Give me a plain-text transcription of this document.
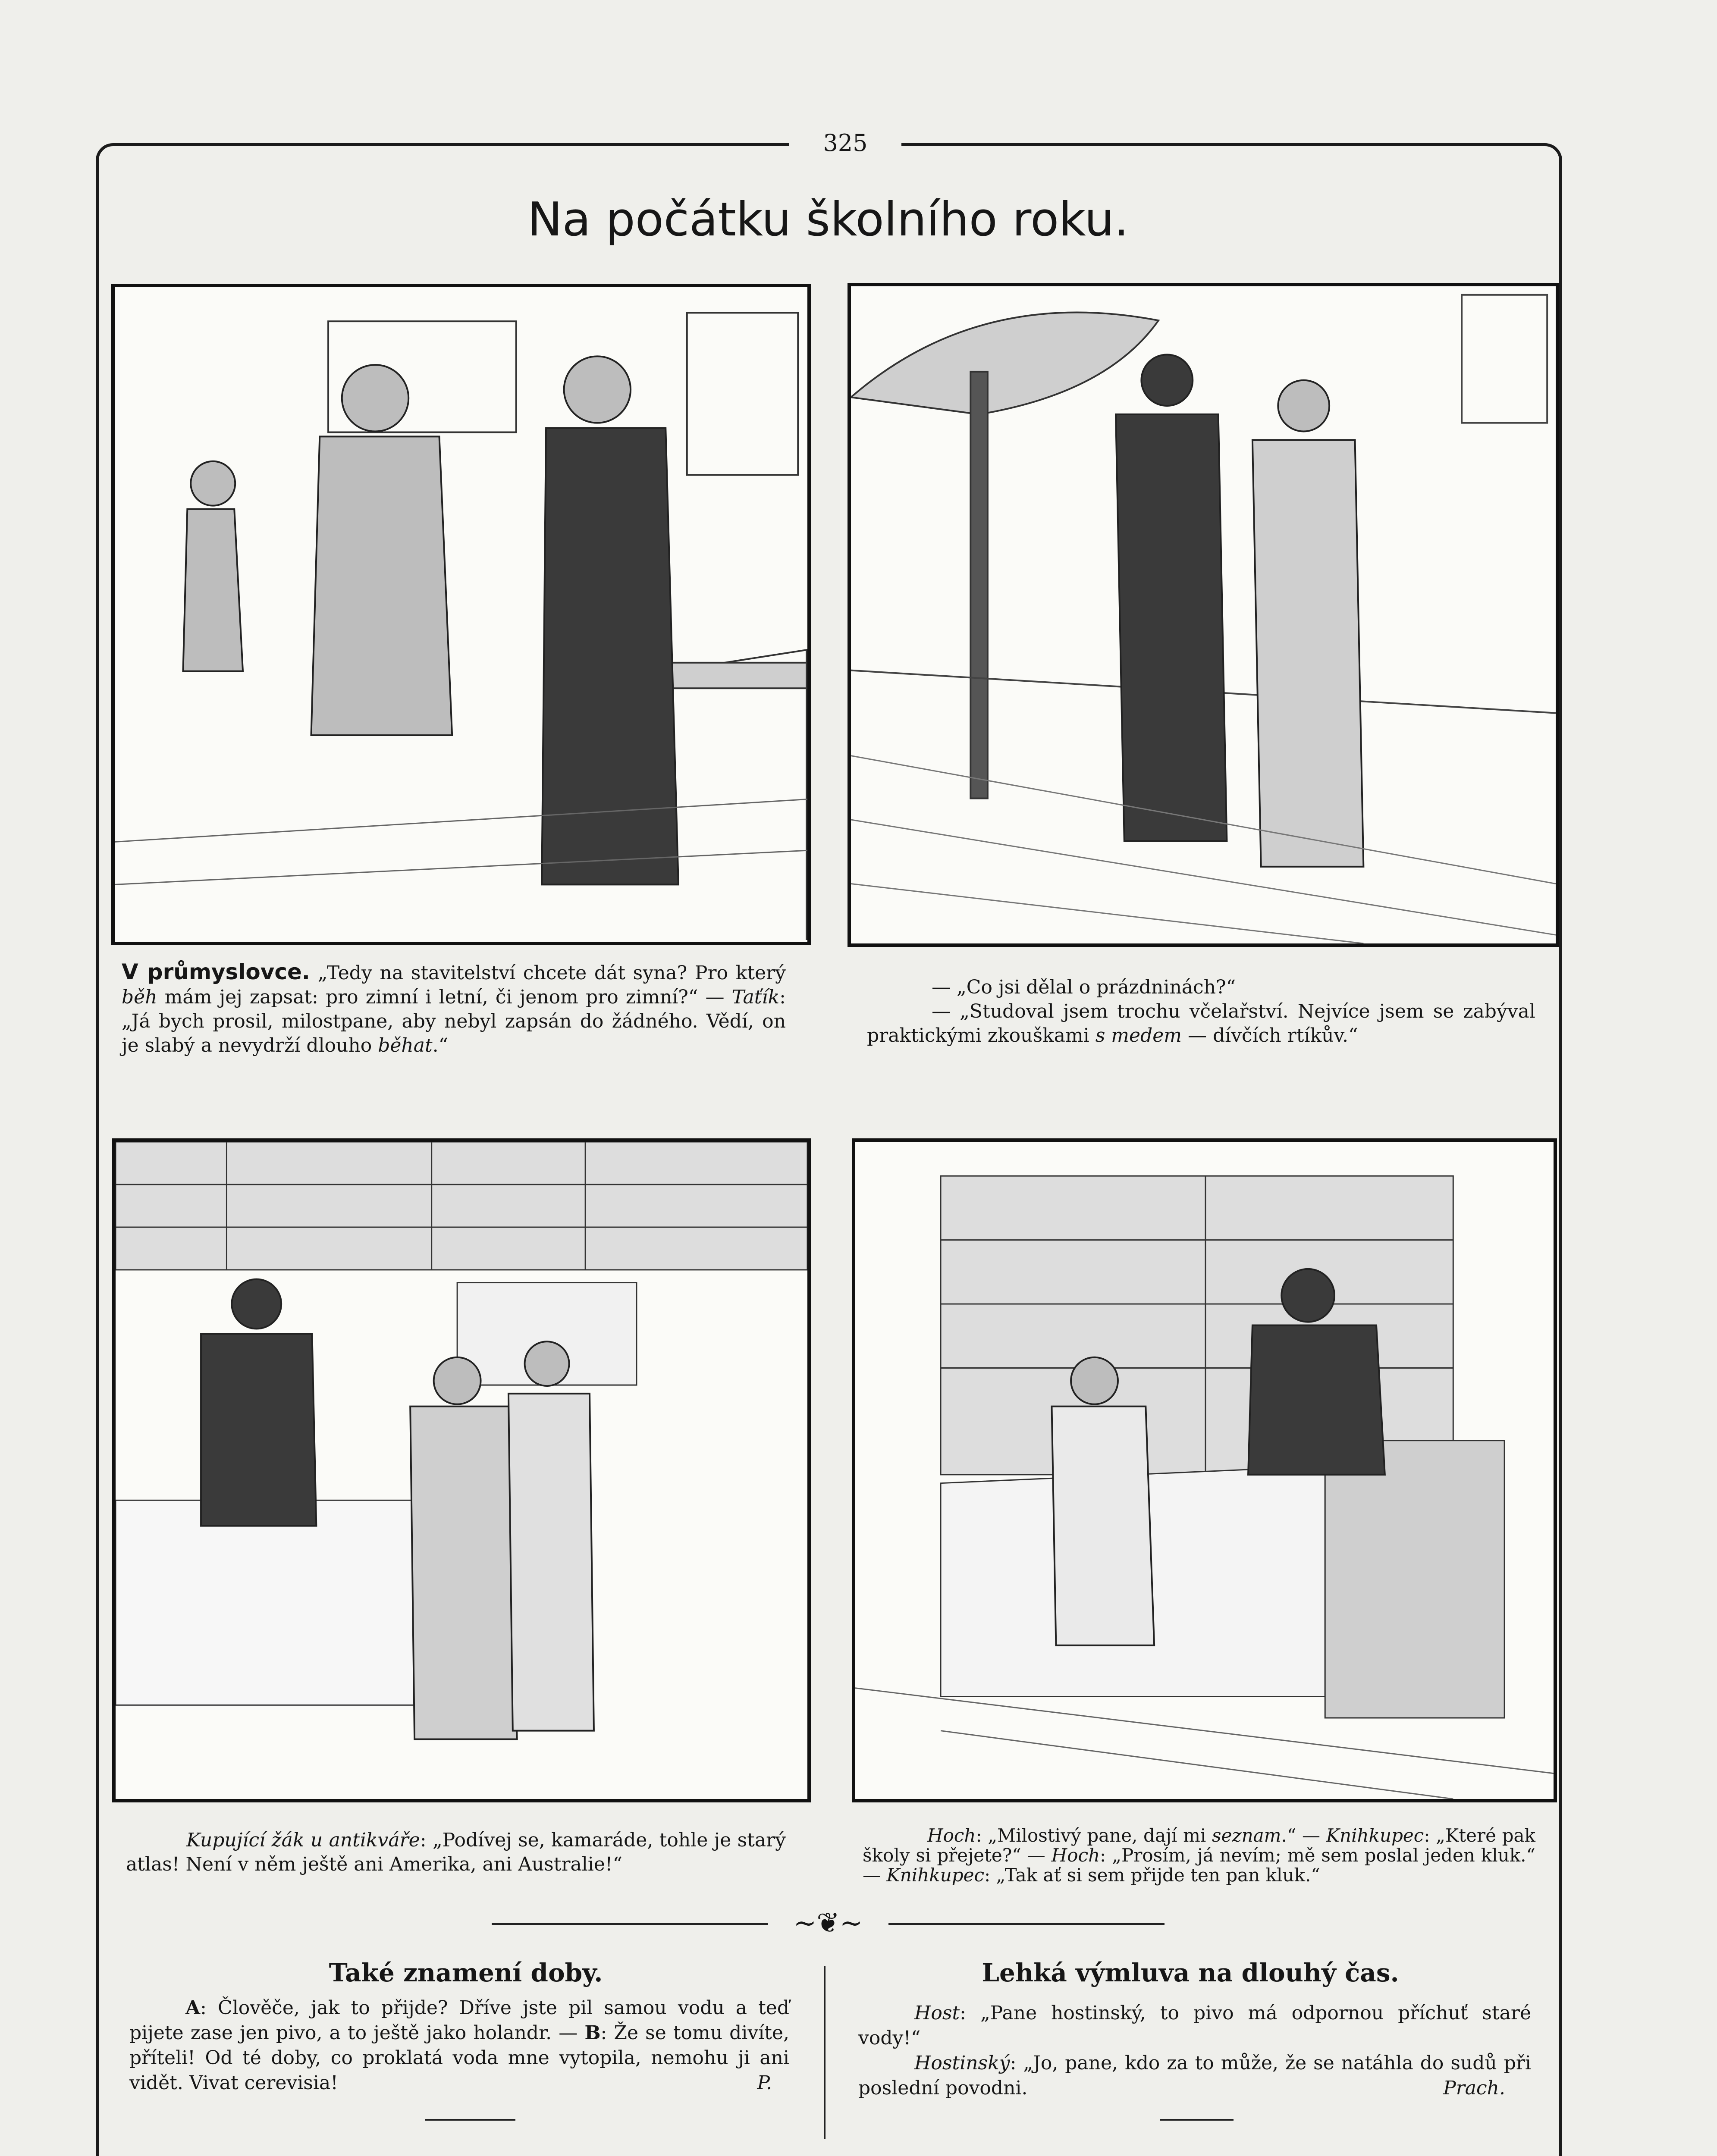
325
Na počátku školního roku.
V průmyslovce. „Tedy na stavitelství chcete dát syna? Pro který běh mám jej zapsat: pro zimní i letní, či jenom pro zimní?“ — Taťík: „Já bych prosil, milostpane, aby nebyl zapsán do žádného. Vědí, on je slabý a nevydrží dlouho běhat.“
— „Co jsi dělal o prázdninách?“
— „Studoval jsem trochu včelařství. Nejvíce jsem se zabýval praktickými zkouškami s medem — dívčích rtíkův.“
Kupující žák u antikváře: „Podívej se, kamaráde, tohle je starý atlas! Není v něm ještě ani Amerika, ani Australie!“
Hoch: „Milostivý pane, dají mi seznam.“ — Knihkupec: „Které pak školy si přejete?“ — Hoch: „Prosím, já nevím; mě sem poslal jeden kluk.“ — Knihkupec: „Tak ať si sem přijde ten pan kluk.“
~❦~
Také znamení doby.
A: Člověče, jak to přijde? Dříve jste pil samou vodu a teď pijete zase jen pivo, a to ještě jako holandr. — B: Že se tomu divíte, příteli! Od té doby, co proklatá voda mne vytopila, nemohu ji ani vidět. Vivat cerevisia!	P.
Lehká výmluva na dlouhý čas.
Host: „Pane hostinský, to pivo má odpornou příchuť staré vody!“
Hostinský: „Jo, pane, kdo za to může, že se natáhla do sudů při poslední povodni.	Prach.
